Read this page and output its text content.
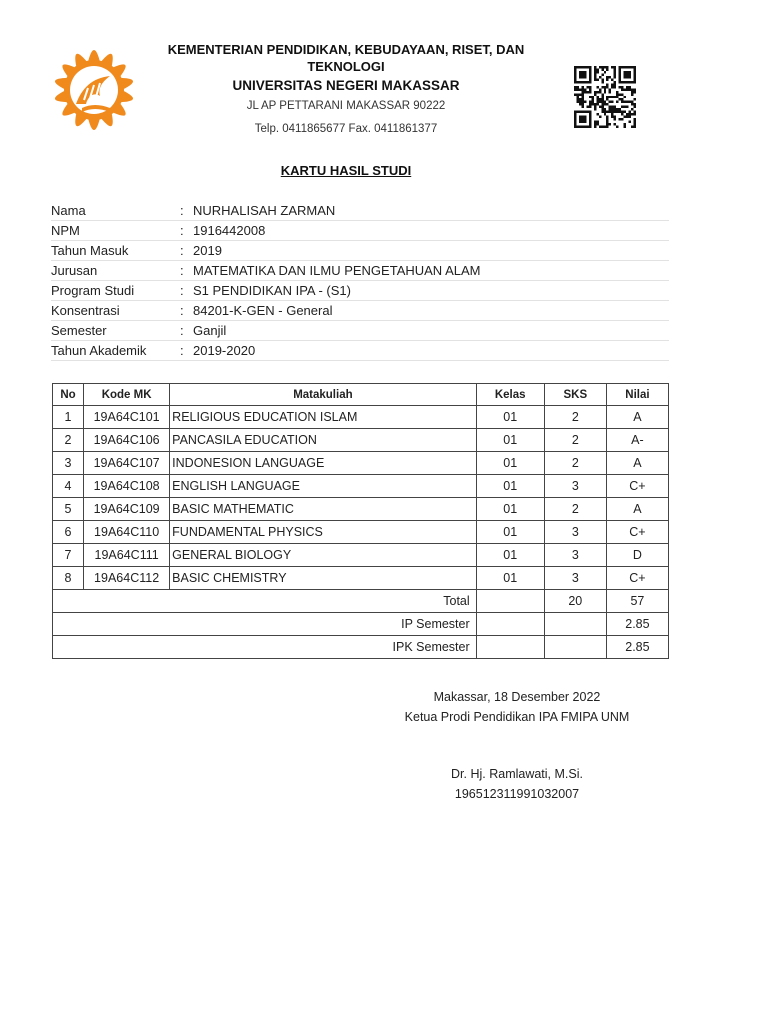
KEMENTERIAN PENDIDIKAN, KEBUDAYAAN, RISET, DAN TEKNOLOGI
UNIVERSITAS NEGERI MAKASSAR
JL AP PETTARANI MAKASSAR 90222
Telp. 0411865677 Fax. 0411861377
KARTU HASIL STUDI
Nama	:	NURHALISAH ZARMAN
NPM	:	1916442008
Tahun Masuk	:	2019
Jurusan	:	MATEMATIKA DAN ILMU PENGETAHUAN ALAM
Program Studi	:	S1 PENDIDIKAN IPA - (S1)
Konsentrasi	:	84201-K-GEN - General
Semester	:	Ganjil
Tahun Akademik	:	2019-2020
No	Kode MK	Matakuliah	Kelas	SKS	Nilai
1	19A64C101	RELIGIOUS EDUCATION ISLAM	01	2	A
2	19A64C106	PANCASILA EDUCATION	01	2	A-
3	19A64C107	INDONESION LANGUAGE	01	2	A
4	19A64C108	ENGLISH LANGUAGE	01	3	C+
5	19A64C109	BASIC MATHEMATIC	01	2	A
6	19A64C110	FUNDAMENTAL PHYSICS	01	3	C+
7	19A64C111	GENERAL BIOLOGY	01	3	D
8	19A64C112	BASIC CHEMISTRY	01	3	C+
Total				20	57
IP Semester					2.85
IPK Semester					2.85
Makassar, 18 Desember 2022
Ketua Prodi Pendidikan IPA FMIPA UNM
Dr. Hj. Ramlawati, M.Si.
196512311991032007
